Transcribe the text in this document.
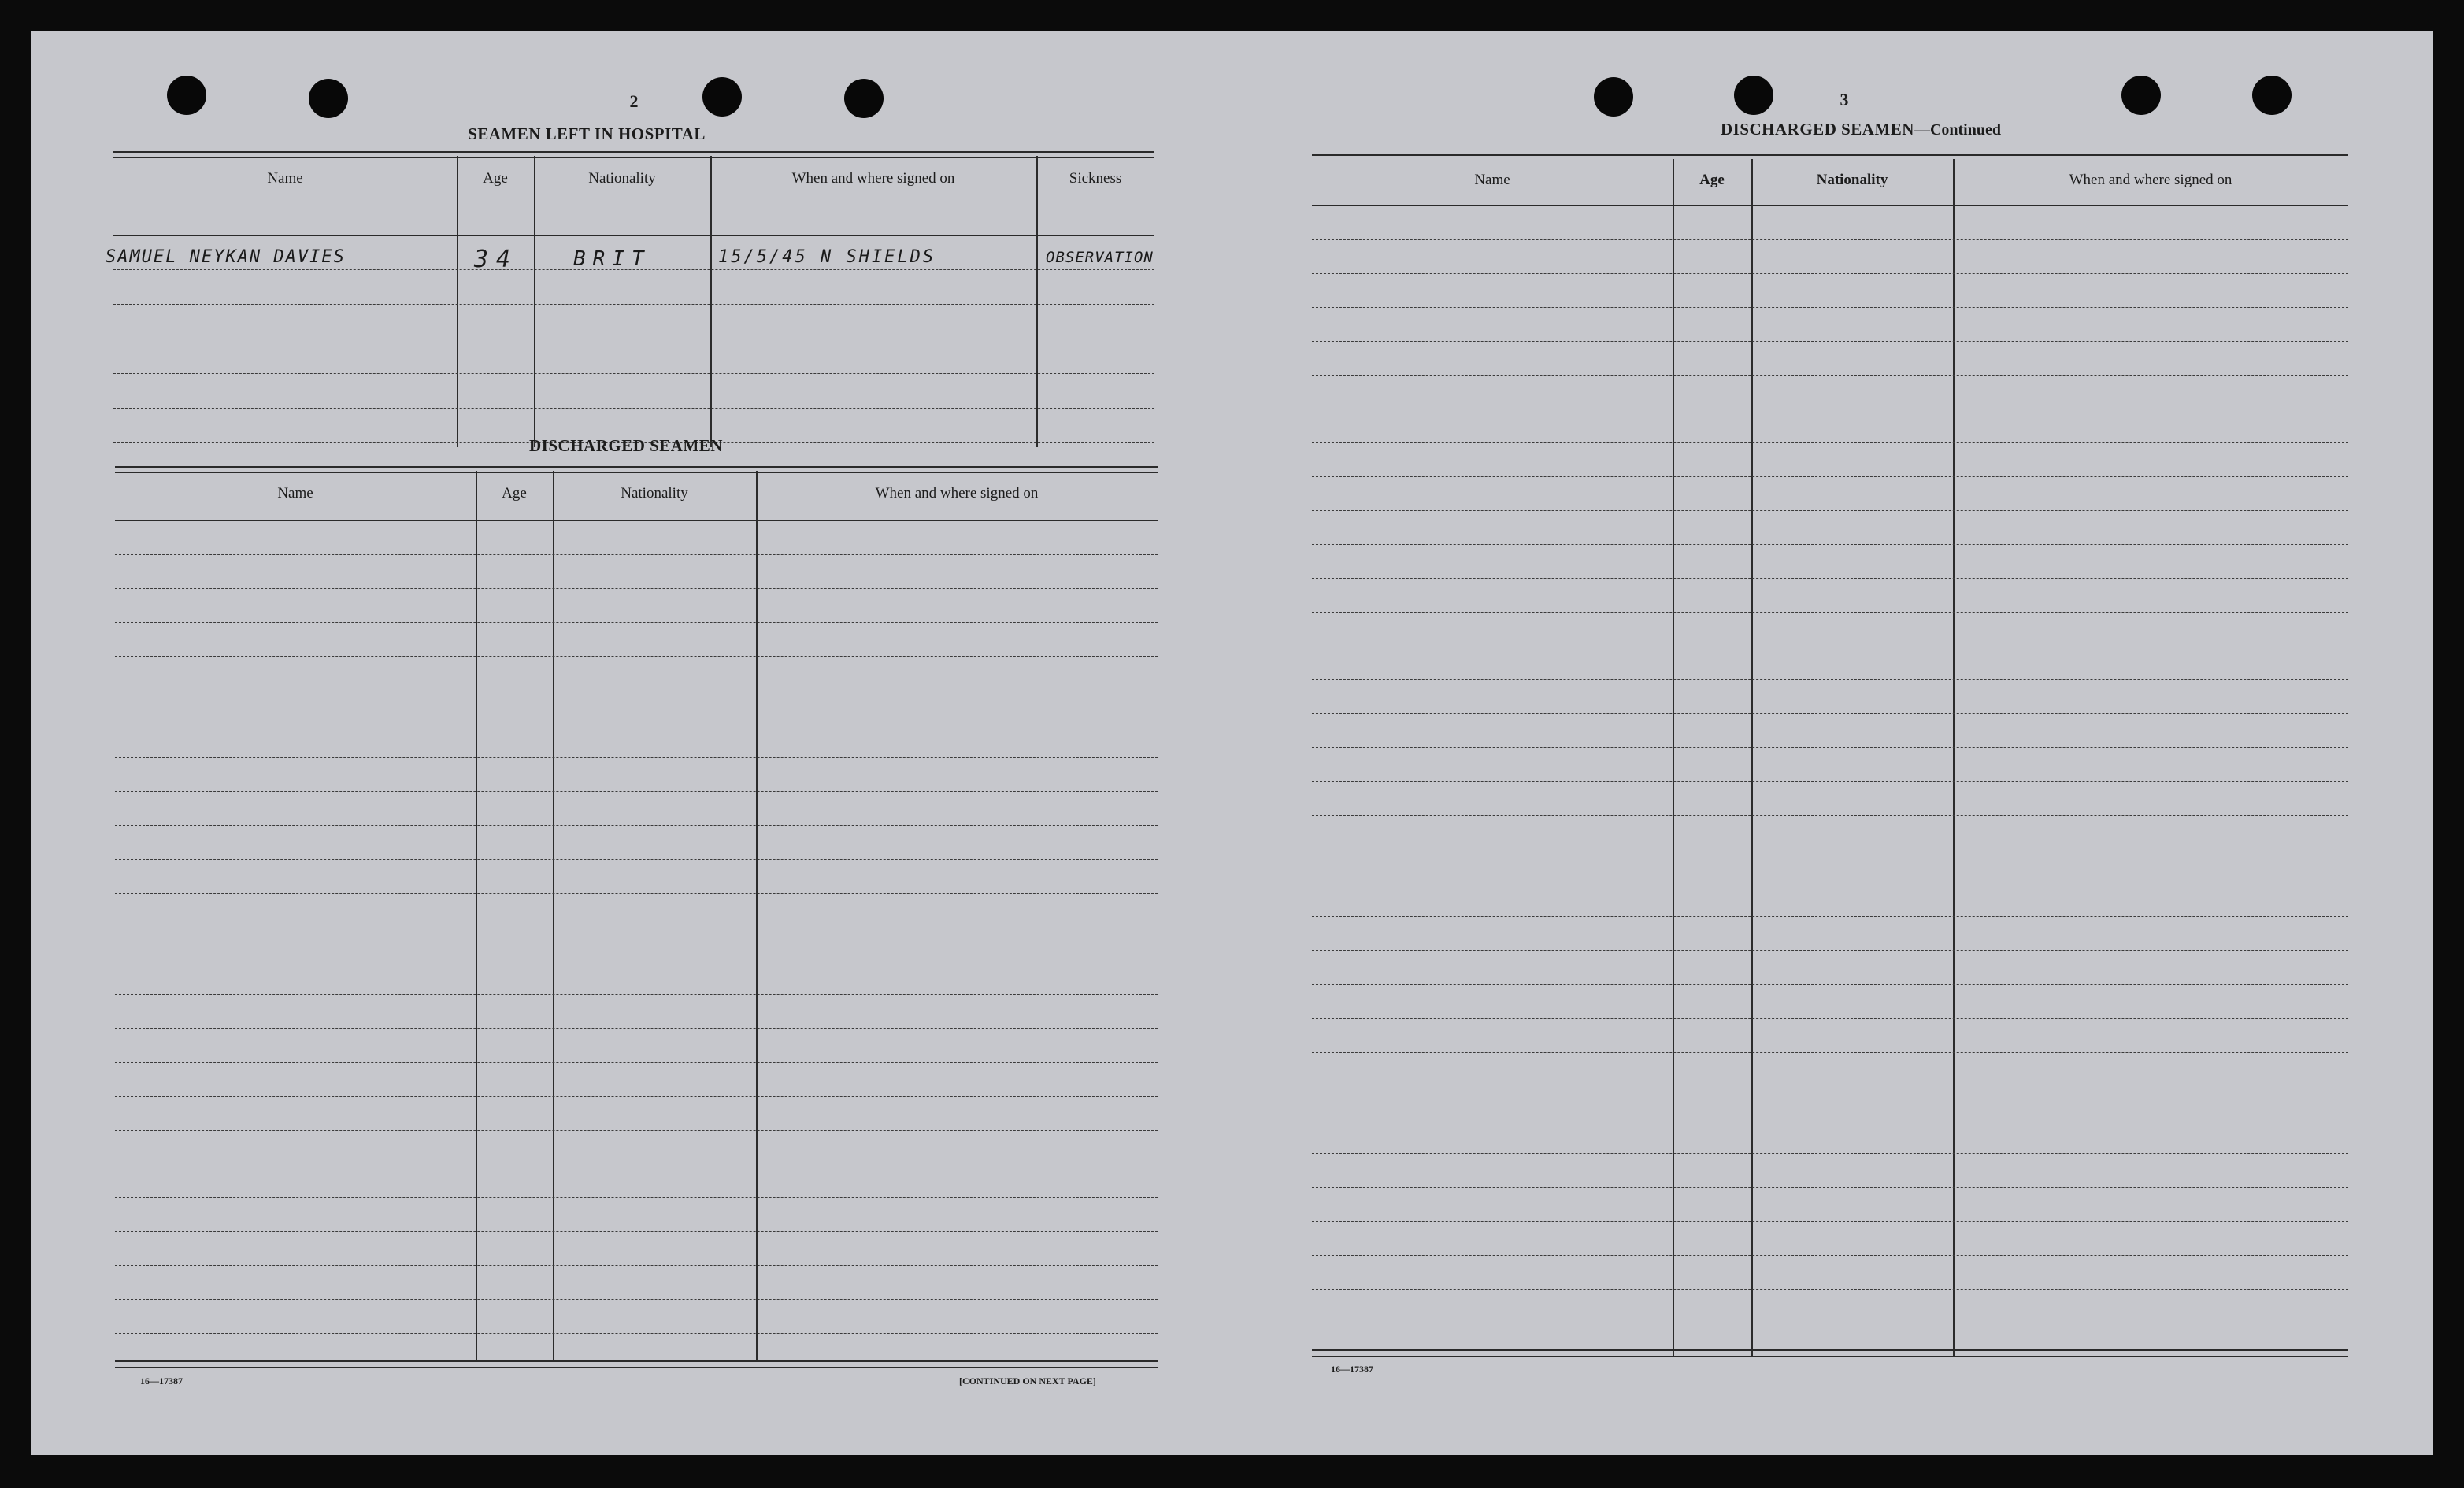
2
SEAMEN LEFT IN HOSPITAL
Name	Age	Nationality	When and where signed on	Sickness
SAMUEL NEYKAN DAVIES	34	BRIT	15/5/45 N SHIELDS	OBSERVATION
DISCHARGED SEAMEN
Name	Age	Nationality	When and where signed on
16—17387	[CONTINUED ON NEXT PAGE]
3
DISCHARGED SEAMEN—Continued
Name	Age	Nationality	When and where signed on
16—17387
